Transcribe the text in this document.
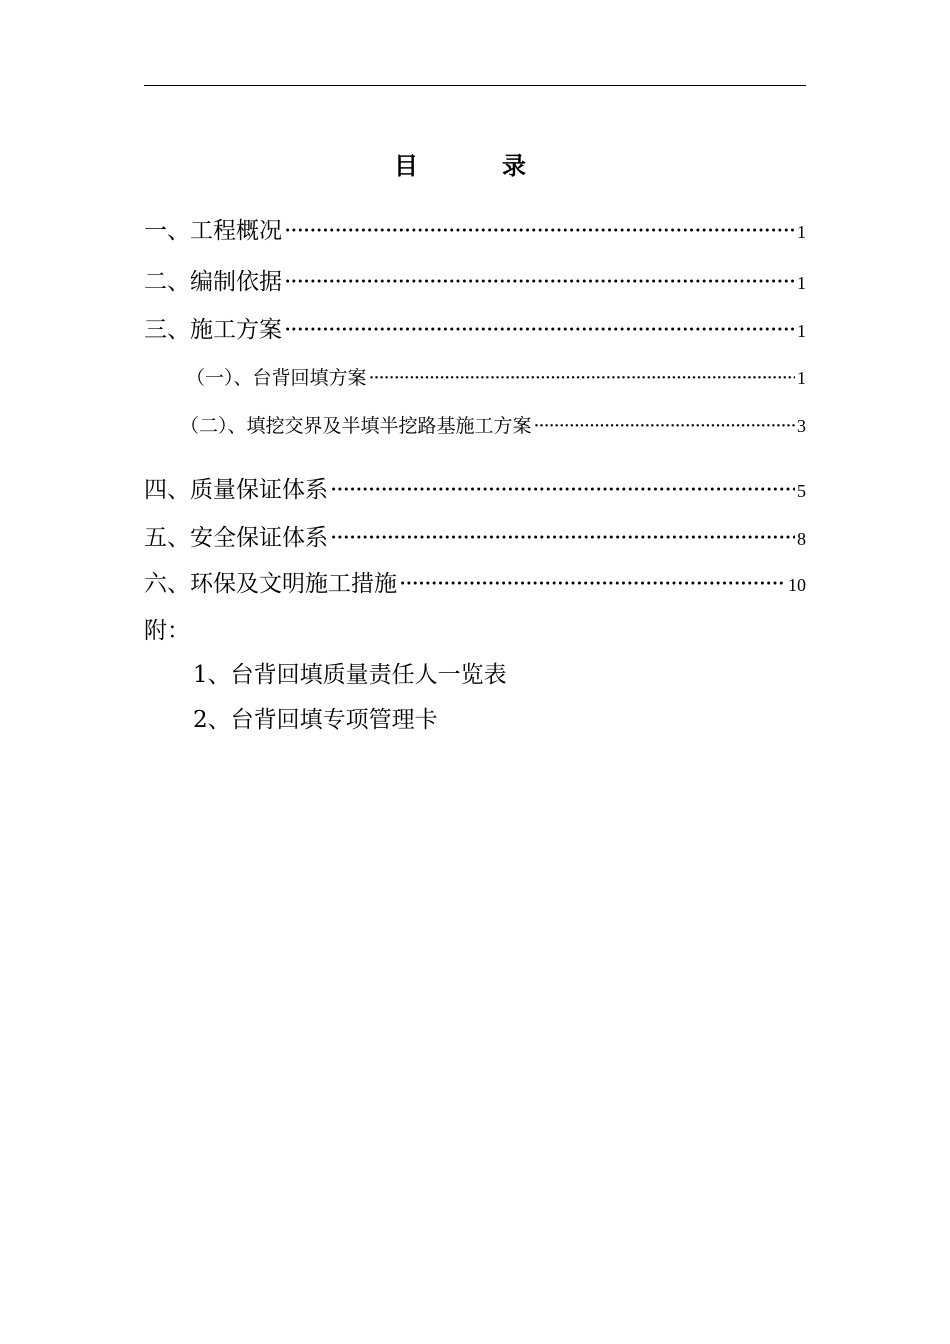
目　录
一、工程概况 ·····	1
二、编制依据 ·····	1
三、施工方案 ·····	1
（一）、台背回填方案 ·····	1
（二）、填挖交界及半填半挖路基施工方案 ·····	3
四、质量保证体系 ·····	5
五、安全保证体系 ·····	8
六、环保及文明施工措施 ·····	10
附：
1、台背回填质量责任人一览表
2、台背回填专项管理卡
